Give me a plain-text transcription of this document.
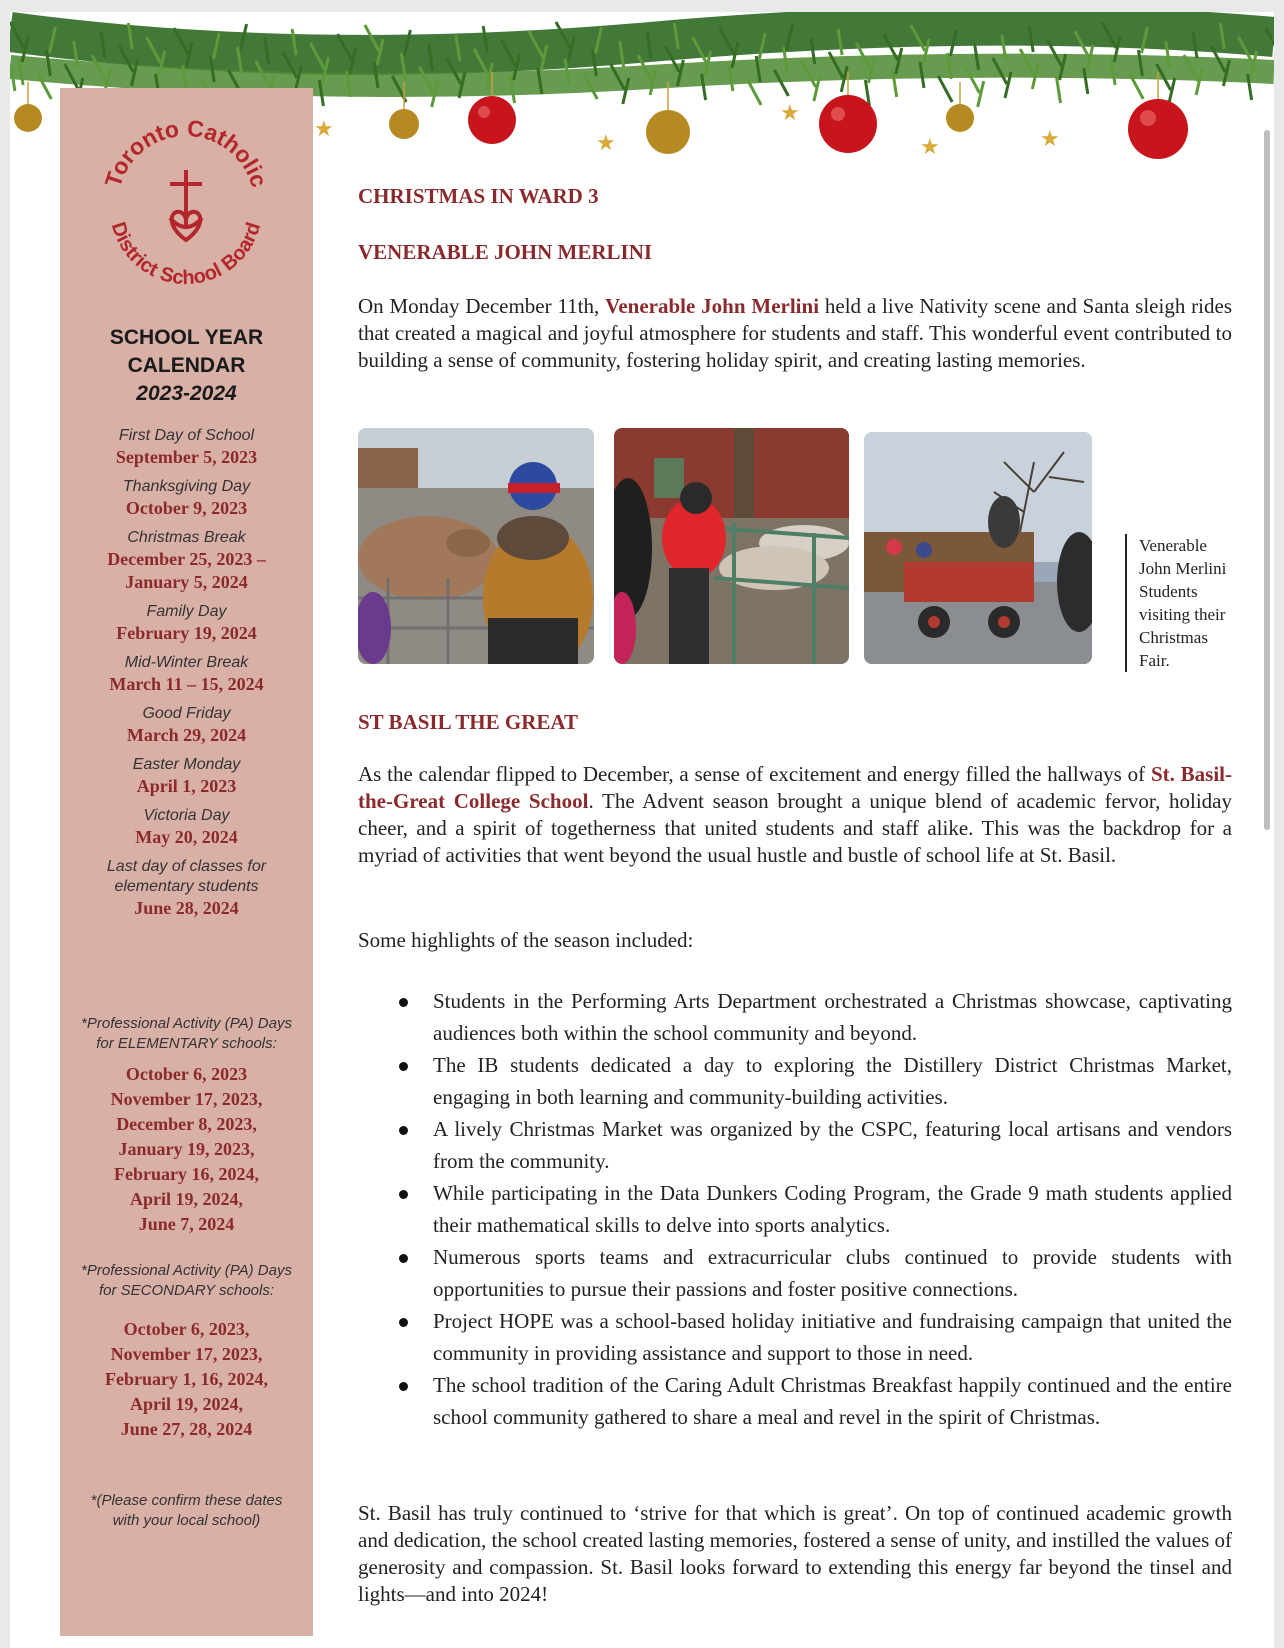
★
★
★
★	★
Toronto Catholic
District School Board
SCHOOL YEAR
CALENDAR
2023-2024
First Day of School
September 5, 2023
Thanksgiving Day
October 9, 2023
Christmas Break
December 25, 2023 –
January 5, 2024
Family Day
February 19, 2024
Mid-Winter Break
March 11 – 15, 2024
Good Friday
March 29, 2024
Easter Monday
April 1, 2023
Victoria Day
May 20, 2024
Last day of classes for
elementary students
June 28, 2024
*Professional Activity (PA) Days
for ELEMENTARY schools:
October 6, 2023
November 17, 2023,
December 8, 2023,
January 19, 2023,
February 16, 2024,
April 19, 2024,
June 7, 2024
*Professional Activity (PA) Days
for SECONDARY schools:
October 6, 2023,
November 17, 2023,
February 1, 16, 2024,
April 19, 2024,
June 27, 28, 2024
*(Please confirm these dates
with your local school)
CHRISTMAS IN WARD 3
VENERABLE JOHN MERLINI

On Monday December 11th, Venerable John Merlini held a live Nativity scene and Santa sleigh rides that created a magical and joyful atmosphere for students and staff. This wonderful event contributed to building a sense of community, fostering holiday spirit, and creating lasting memories.

Venerable John Merlini Students visiting their Christmas Fair.
ST BASIL THE GREAT

As the calendar flipped to December, a sense of excitement and energy filled the hallways of St. Basil-the-Great College School. The Advent season brought a unique blend of academic fervor, holiday cheer, and a spirit of togetherness that united students and staff alike. This was the backdrop for a myriad of activities that went beyond the usual hustle and bustle of school life at St. Basil.

Some highlights of the season included:

Students in the Performing Arts Department orchestrated a Christmas showcase, captivating audiences both within the school community and beyond.
The IB students dedicated a day to exploring the Distillery District Christmas Market, engaging in both learning and community-building activities.
A lively Christmas Market was organized by the CSPC, featuring local artisans and vendors from the community.
While participating in the Data Dunkers Coding Program, the Grade 9 math students applied their mathematical skills to delve into sports analytics.
Numerous sports teams and extracurricular clubs continued to provide students with opportunities to pursue their passions and foster positive connections.
Project HOPE was a school-based holiday initiative and fundraising campaign that united the community in providing assistance and support to those in need.
The school tradition of the Caring Adult Christmas Breakfast happily continued and the entire school community gathered to share a meal and revel in the spirit of Christmas.

St. Basil has truly continued to ‘strive for that which is great’. On top of continued academic growth and dedication, the school created lasting memories, fostered a sense of unity, and instilled the values of generosity and compassion. St. Basil looks forward to extending this energy far beyond the tinsel and lights—and into 2024!
